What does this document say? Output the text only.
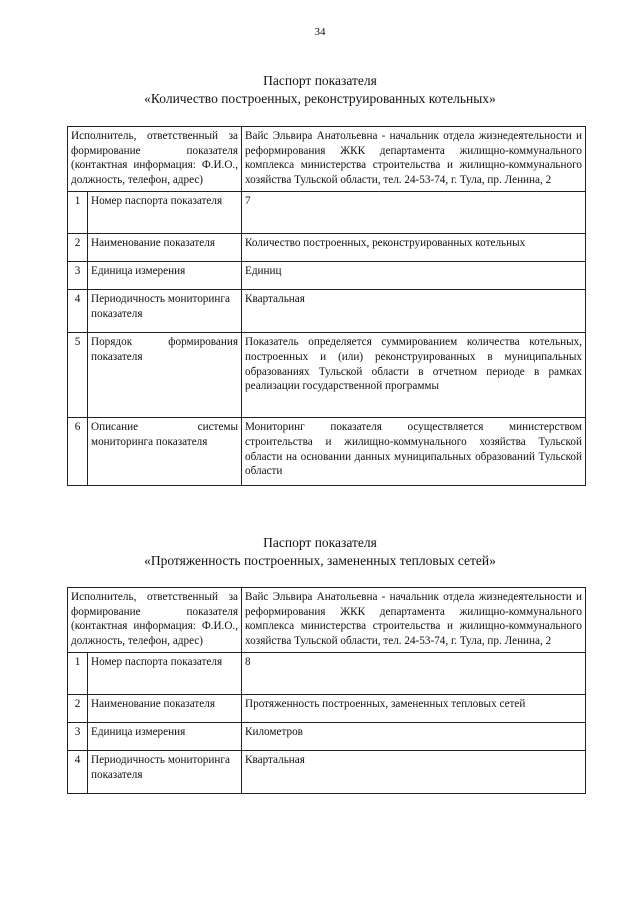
34
Паспорт показателя
«Количество построенных, реконструированных котельных»
Исполнитель, ответственный за формирование показателя (контактная информация: Ф.И.О., должность, телефон, адрес)		Вайс Эльвира Анатольевна - начальник отдела жизнедеятельности и реформирования ЖКК департамента жилищно-коммунального комплекса министерства строительства и жилищно-коммунального хозяйства Тульской области, тел. 24-53-74, г. Тула, пр. Ленина, 2
1	Номер паспорта показателя	7
2	Наименование показателя	Количество построенных, реконструированных котельных
3	Единица измерения	Единиц
4	Периодичность мониторинга показателя	Квартальная
5	Порядок формирования показателя	Показатель определяется суммированием количества котельных, построенных и (или) реконструированных в муниципальных образованиях Тульской области в отчетном периоде в рамках реализации государственной программы
6	Описание системы мониторинга показателя	Мониторинг показателя осуществляется министерством строительства и жилищно-коммунального хозяйства Тульской области на основании данных муниципальных образований Тульской области
Паспорт показателя
«Протяженность построенных, замененных тепловых сетей»
Исполнитель, ответственный за формирование показателя (контактная информация: Ф.И.О., должность, телефон, адрес)		Вайс Эльвира Анатольевна - начальник отдела жизнедеятельности и реформирования ЖКК департамента жилищно-коммунального комплекса министерства строительства и жилищно-коммунального хозяйства Тульской области, тел. 24-53-74, г. Тула, пр. Ленина, 2
1	Номер паспорта показателя	8
2	Наименование показателя	Протяженность построенных, замененных тепловых сетей
3	Единица измерения	Километров
4	Периодичность мониторинга показателя	Квартальная
